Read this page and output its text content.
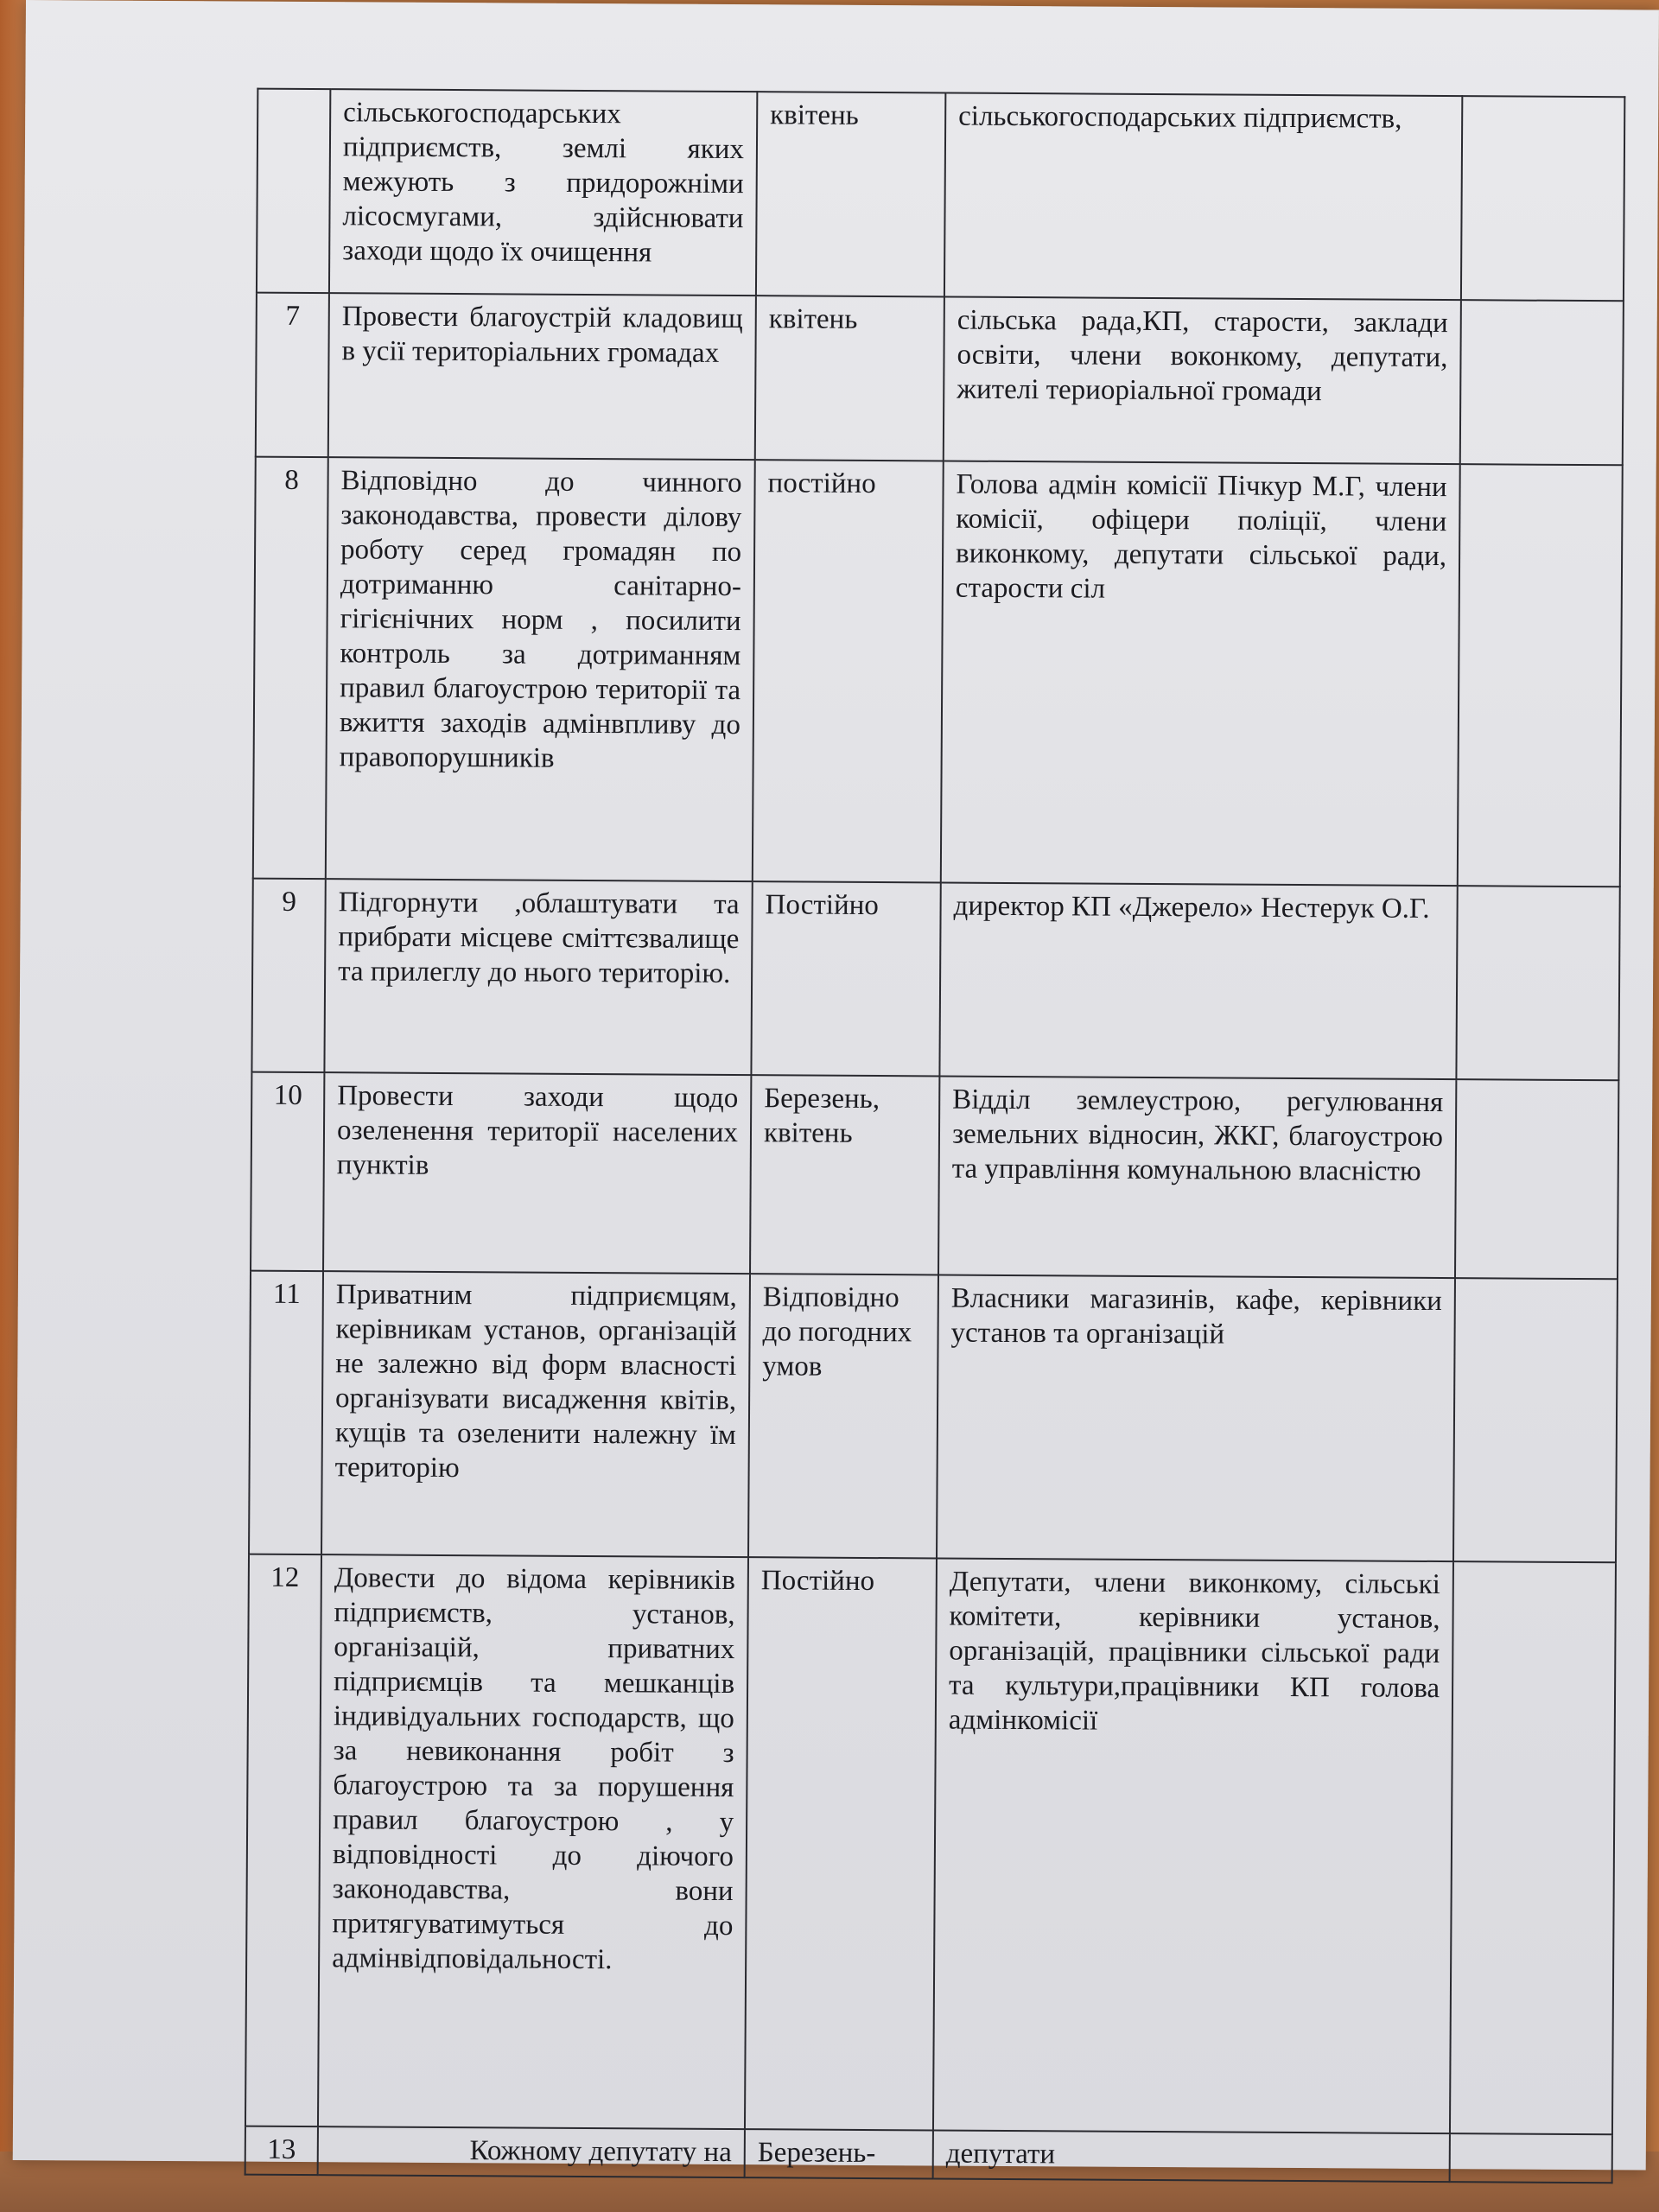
	сільськогосподарських підприємств, землі яких межують з придорожніми лісосмугами, здійснювати заходи щодо їх очищення	квітень	сільськогосподарських підприємств,	
7	Провести благоустрій кладовищ в усії територіальних громадах	квітень	сільська рада,КП, старости, заклади освіти, члени воконкому, депутати, жителі териоріальної громади	
8	Відповідно до чинного законодавства, провести ділову роботу серед громадян по дотриманню санітарно-гігієнічних норм , посилити контроль за дотриманням правил благоустрою території та вжиття заходів адмінвпливу до правопорушників	постійно	Голова адмін комісії Пічкур М.Г, члени комісії, офіцери поліції, члени виконкому, депутати сільської ради, старости сіл	
9	Підгорнути ,облаштувати та прибрати місцеве сміттєзвалище та прилеглу до нього територію.	Постійно	директор КП «Джерело» Нестерук О.Г.	
10	Провести заходи щодо озеленення території населених пунктів	Березень, квітень	Відділ землеустрою, регулювання земельних відносин, ЖКГ, благоустрою та управління комунальною власністю	
11	Приватним підприємцям, керівникам установ, організацій не залежно від форм власності організувати висадження квітів, кущів та озеленити належну їм територію	Відповідно до погодних умов	Власники магазинів, кафе, керівники установ та організацій	
12	Довести до відома керівників підприємств, установ, організацій, приватних підприємців та мешканців індивідуальних господарств, що за невиконання робіт з благоустрою та за порушення правил благоустрою , у відповідності до діючого законодавства, вони притягуватимуться до адмінвідповідальності.	Постійно	Депутати, члени виконкому, сільські комітети, керівники установ, організацій, працівники сільської ради та культури,працівники КП голова адмінкомісії	
13	Кожному депутату на	Березень-	депутати	
